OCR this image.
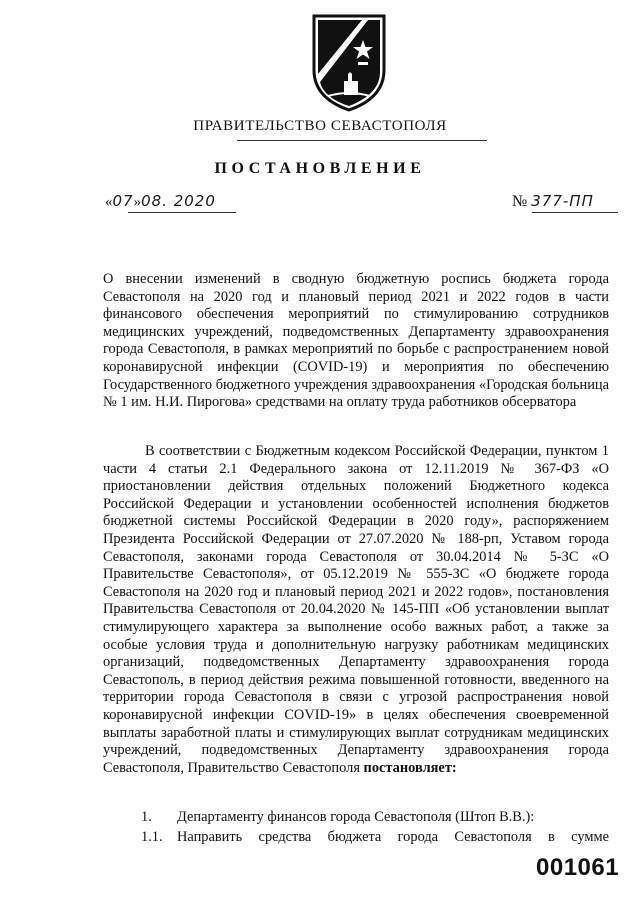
ПРАВИТЕЛЬСТВО СЕВАСТОПОЛЯ
ПОСТАНОВЛЕНИЕ
«07»08. 2020	№ 377-ПП
О внесении изменений в сводную бюджетную роспись бюджета города Севастополя на 2020 год и плановый период 2021 и 2022 годов в части финансового обеспечения мероприятий по стимулированию сотрудников медицинских учреждений, подведомственных Департаменту здравоохранения города Севастополя, в рамках мероприятий по борьбе с распространением новой коронавирусной инфекции (COVID-19) и мероприятия по обеспечению Государственного бюджетного учреждения здравоохранения «Городская больница № 1 им. Н.И. Пирогова» средствами на оплату труда работников обсерватора
В соответствии с Бюджетным кодексом Российской Федерации, пунктом 1 части 4 статьи 2.1 Федерального закона от 12.11.2019 № 367-ФЗ «О приостановлении действия отдельных положений Бюджетного кодекса Российской Федерации и установлении особенностей исполнения бюджетов бюджетной системы Российской Федерации в 2020 году», распоряжением Президента Российской Федерации от 27.07.2020 № 188-рп, Уставом города Севастополя, законами города Севастополя от 30.04.2014 № 5-ЗС «О Правительстве Севастополя», от 05.12.2019 № 555-ЗС «О бюджете города Севастополя на 2020 год и плановый период 2021 и 2022 годов», постановления Правительства Севастополя от 20.04.2020 № 145-ПП «Об установлении выплат стимулирующего характера за выполнение особо важных работ, а также за особые условия труда и дополнительную нагрузку работникам медицинских организаций, подведомственных Департаменту здравоохранения города Севастополь, в период действия режима повышенной готовности, введенного на территории города Севастополя в связи с угрозой распространения новой коронавирусной инфекции COVID-19» в целях обеспечения своевременной выплаты заработной платы и стимулирующих выплат сотрудникам медицинских учреждений, подведомственных Департаменту здравоохранения города Севастополя, Правительство Севастополя постановляет:
1. Департаменту финансов города Севастополя (Штоп В.В.):
1.1. Направить средства бюджета города Севастополя в сумме
001061
